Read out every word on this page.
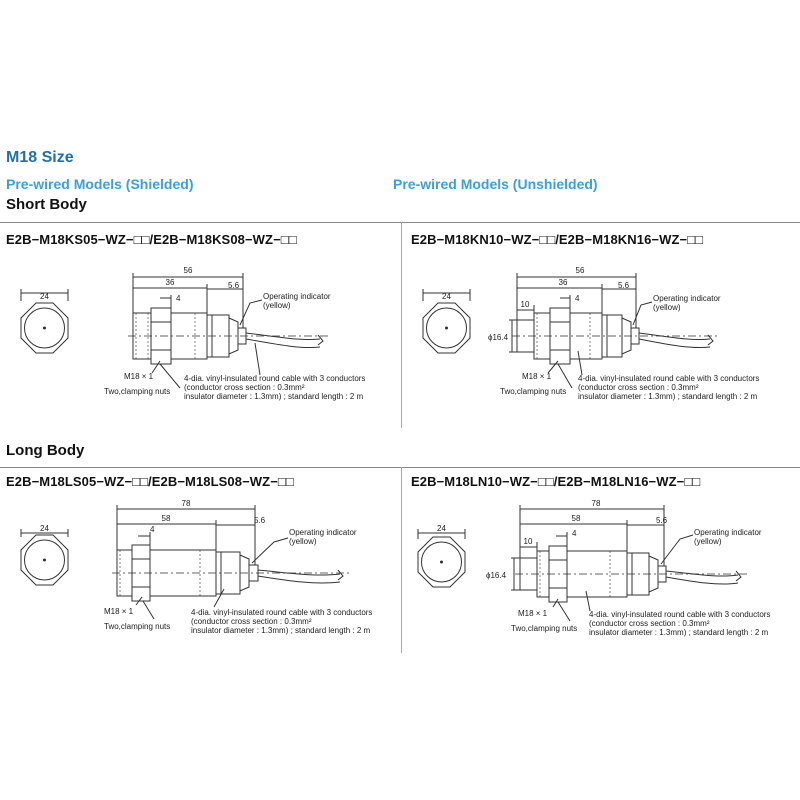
M18 Size
Pre-wired Models (Shielded)	Pre-wired Models (Unshielded)
Short Body
Long Body
E2B−M18KS05−WZ−□□/E2B−M18KS08−WZ−□□	E2B−M18KN10−WZ−□□/E2B−M18KN16−WZ−□□
E2B−M18LS05−WZ−□□/E2B−M18LS08−WZ−□□	E2B−M18LN10−WZ−□□/E2B−M18LN16−WZ−□□
24
56
36
4
5.6
Operating indicator
(yellow)
M18 × 1
Two,clamping nuts
4-dia. vinyl-insulated round cable with 3 conductors
(conductor cross section : 0.3mm²
insulator diameter : 1.3mm) ; standard length : 2 m
24
56
36
4
5.6
10
ϕ16.4
Operating indicator
(yellow)
M18 × 1
Two,clamping nuts
4-dia. vinyl-insulated round cable with 3 conductors
(conductor cross section : 0.3mm²
insulator diameter : 1.3mm) ; standard length : 2 m
24
78
58
4
5.6
Operating indicator
(yellow)
M18 × 1
Two,clamping nuts
4-dia. vinyl-insulated round cable with 3 conductors
(conductor cross section : 0.3mm²
insulator diameter : 1.3mm) ; standard length : 2 m
24
78
58
4
5.6
10
ϕ16.4
Operating indicator
(yellow)
M18 × 1
Two,clamping nuts
4-dia. vinyl-insulated round cable with 3 conductors
(conductor cross section : 0.3mm²
insulator diameter : 1.3mm) ; standard length : 2 m
